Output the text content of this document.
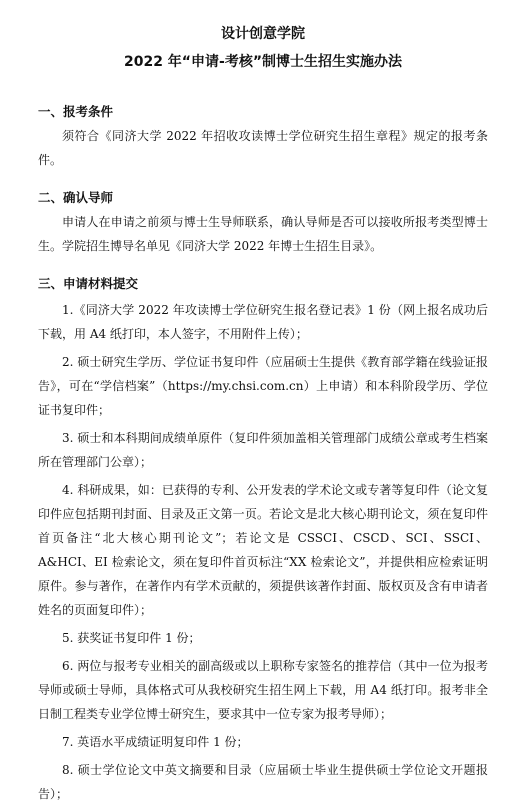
设计创意学院
2022 年“申请-考核”制博士生招生实施办法
一、报考条件

须符合《同济大学 2022 年招收攻读博士学位研究生招生章程》规定的报考条件。

二、确认导师

申请人在申请之前须与博士生导师联系，确认导师是否可以接收所报考类型博士生。学院招生博导名单见《同济大学 2022 年博士生招生目录》。

三、申请材料提交
1.《同济大学 2022 年攻读博士学位研究生报名登记表》1 份（网上报名成功后下载，用 A4 纸打印，本人签字，不用附件上传）；
2. 硕士研究生学历、学位证书复印件（应届硕士生提供《教育部学籍在线验证报告》，可在“学信档案”（https://my.chsi.com.cn）上申请）和本科阶段学历、学位证书复印件；
3. 硕士和本科期间成绩单原件（复印件须加盖相关管理部门成绩公章或考生档案所在管理部门公章）；
4. 科研成果，如：已获得的专利、公开发表的学术论文或专著等复印件（论文复印件应包括期刊封面、目录及正文第一页。若论文是北大核心期刊论文，须在复印件首页备注“北大核心期刊论文”；若论文是 CSSCI、CSCD、SCI、SSCI、A&HCI、EI 检索论文，须在复印件首页标注“XX 检索论文”，并提供相应检索证明原件。参与著作，在著作内有学术贡献的，须提供该著作封面、版权页及含有申请者姓名的页面复印件）；
5. 获奖证书复印件 1 份；
6. 两位与报考专业相关的副高级或以上职称专家签名的推荐信（其中一位为报考导师或硕士导师，具体格式可从我校研究生招生网上下载，用 A4 纸打印。报考非全日制工程类专业学位博士研究生，要求其中一位专家为报考导师）；
7. 英语水平成绩证明复印件 1 份；
8. 硕士学位论文中英文摘要和目录（应届硕士毕业生提供硕士学位论文开题报告）；
